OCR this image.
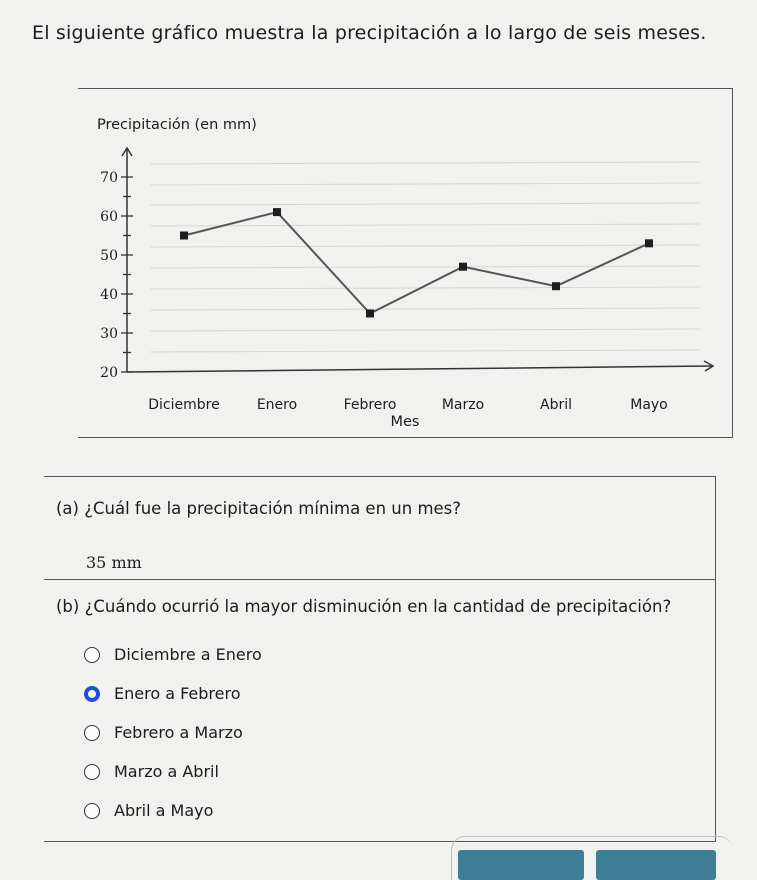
El siguiente gráfico muestra la precipitación a lo largo de seis meses.
Precipitación (en mm)
Mes
20
30
40
50
60
70
Diciembre	Enero	Febrero	Marzo	Abril	Mayo
(a) ¿Cuál fue la precipitación mínima en un mes?
35 mm
(b) ¿Cuándo ocurrió la mayor disminución en la cantidad de precipitación?
Diciembre a Enero
Enero a Febrero
Febrero a Marzo
Marzo a Abril
Abril a Mayo
